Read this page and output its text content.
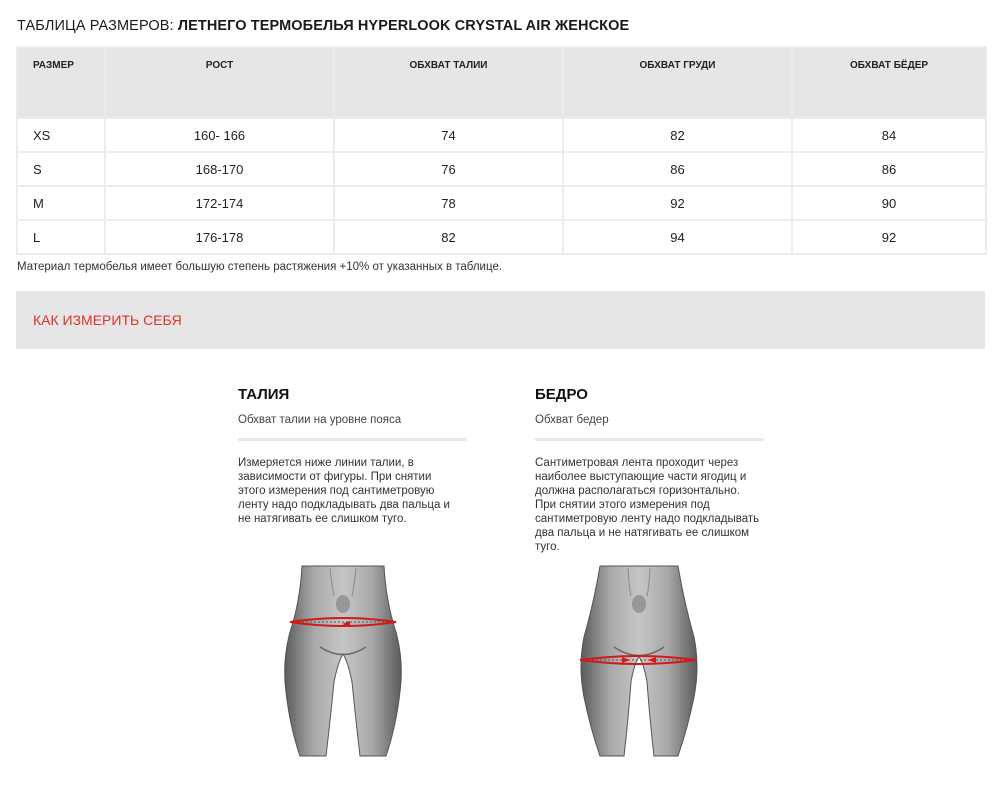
ТАБЛИЦА РАЗМЕРОВ: ЛЕТНЕГО ТЕРМОБЕЛЬЯ HYPERLOOK CRYSTAL AIR ЖЕНСКОЕ
РАЗМЕР	РОСТ	ОБХВАТ ТАЛИИ	ОБХВАТ ГРУДИ	ОБХВАТ БЁДЕР
XS	160- 166	74	82	84
S	168-170	76	86	86
M	172-174	78	92	90
L	176-178	82	94	92
Материал термобелья имеет большую степень растяжения +10% от указанных в таблице.
КАК ИЗМЕРИТЬ СЕБЯ
ТАЛИЯ
Обхват талии на уровне пояса
Измеряется ниже линии талии, в зависимости от фигуры. При снятии этого измерения под сантиметровую ленту надо подкладывать два пальца и не натягивать ее слишком туго.
БЕДРО
Обхват бедер
Сантиметровая лента проходит через наиболее выступающие части ягодиц и должна располагаться горизонтально. При снятии этого измерения под сантиметровую ленту надо подкладывать два пальца и не натягивать ее слишком туго.
